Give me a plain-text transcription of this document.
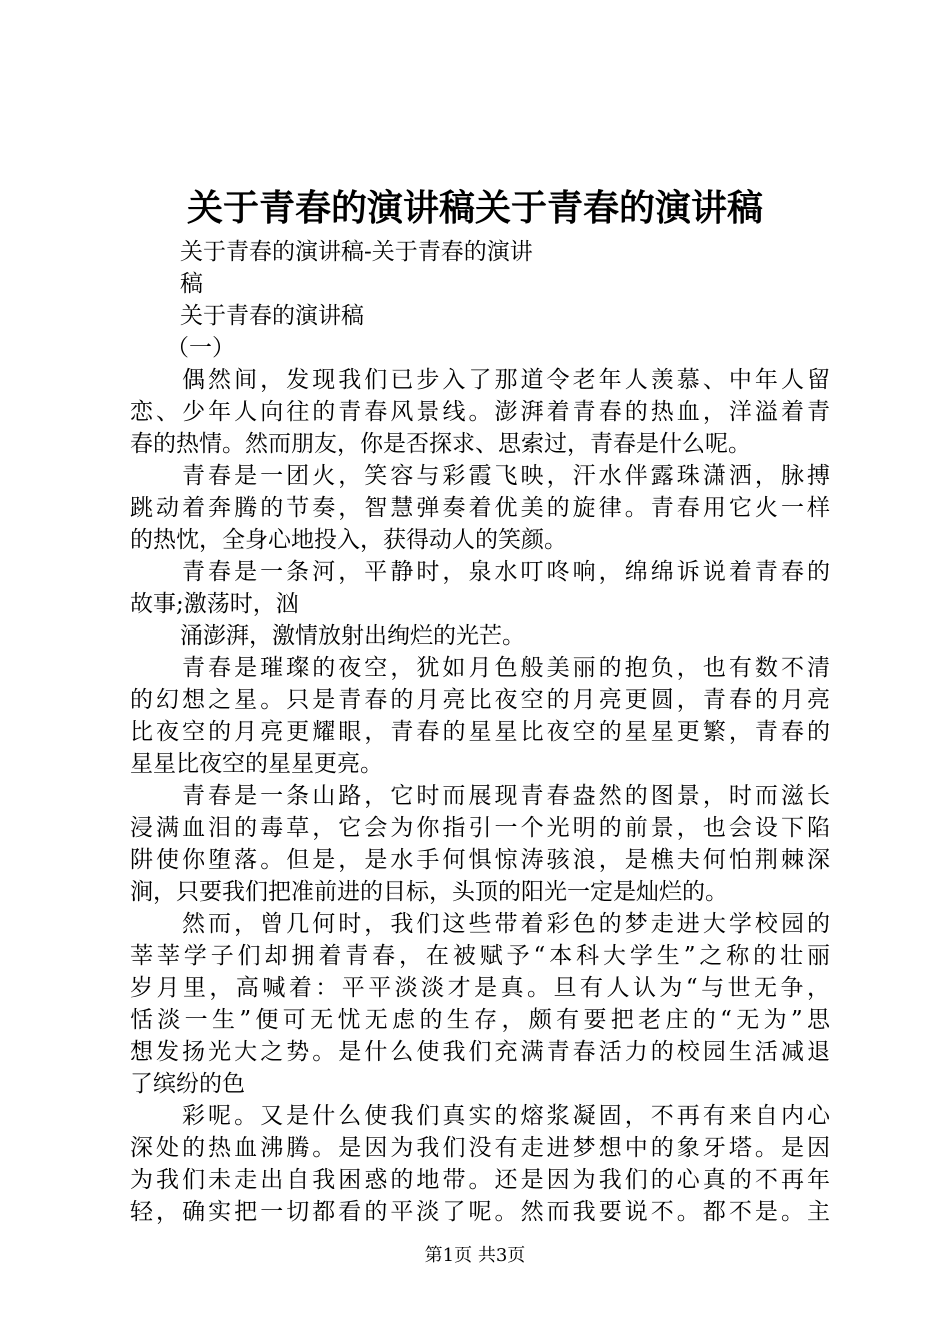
关于青春的演讲稿关于青春的演讲稿
关于青春的演讲稿-关于青春的演讲
稿
关于青春的演讲稿
（一）
偶然间，发现我们已步入了那道令老年人羡慕、中年人留
恋、少年人向往的青春风景线。澎湃着青春的热血，洋溢着青
春的热情。然而朋友，你是否探求、思索过，青春是什么呢。
青春是一团火，笑容与彩霞飞映，汗水伴露珠潇洒，脉搏
跳动着奔腾的节奏，智慧弹奏着优美的旋律。青春用它火一样
的热忱，全身心地投入，获得动人的笑颜。
青春是一条河，平静时，泉水叮咚响，绵绵诉说着青春的
故事;激荡时，汹
涌澎湃，激情放射出绚烂的光芒。
青春是璀璨的夜空，犹如月色般美丽的抱负，也有数不清
的幻想之星。只是青春的月亮比夜空的月亮更圆，青春的月亮
比夜空的月亮更耀眼，青春的星星比夜空的星星更繁，青春的
星星比夜空的星星更亮。
青春是一条山路，它时而展现青春盎然的图景，时而滋长
浸满血泪的毒草，它会为你指引一个光明的前景，也会设下陷
阱使你堕落。但是，是水手何惧惊涛骇浪，是樵夫何怕荆棘深
涧，只要我们把准前进的目标，头顶的阳光一定是灿烂的。
然而，曾几何时，我们这些带着彩色的梦走进大学校园的
莘莘学子们却拥着青春，在被赋予“本科大学生”之称的壮丽
岁月里，高喊着：平平淡淡才是真。旦有人认为“与世无争，
恬淡一生”便可无忧无虑的生存，颇有要把老庄的“无为”思
想发扬光大之势。是什么使我们充满青春活力的校园生活减退
了缤纷的色
彩呢。又是什么使我们真实的熔浆凝固，不再有来自内心
深处的热血沸腾。是因为我们没有走进梦想中的象牙塔。是因
为我们未走出自我困惑的地带。还是因为我们的心真的不再年
轻，确实把一切都看的平淡了呢。然而我要说不。都不是。主
第1页 共3页
